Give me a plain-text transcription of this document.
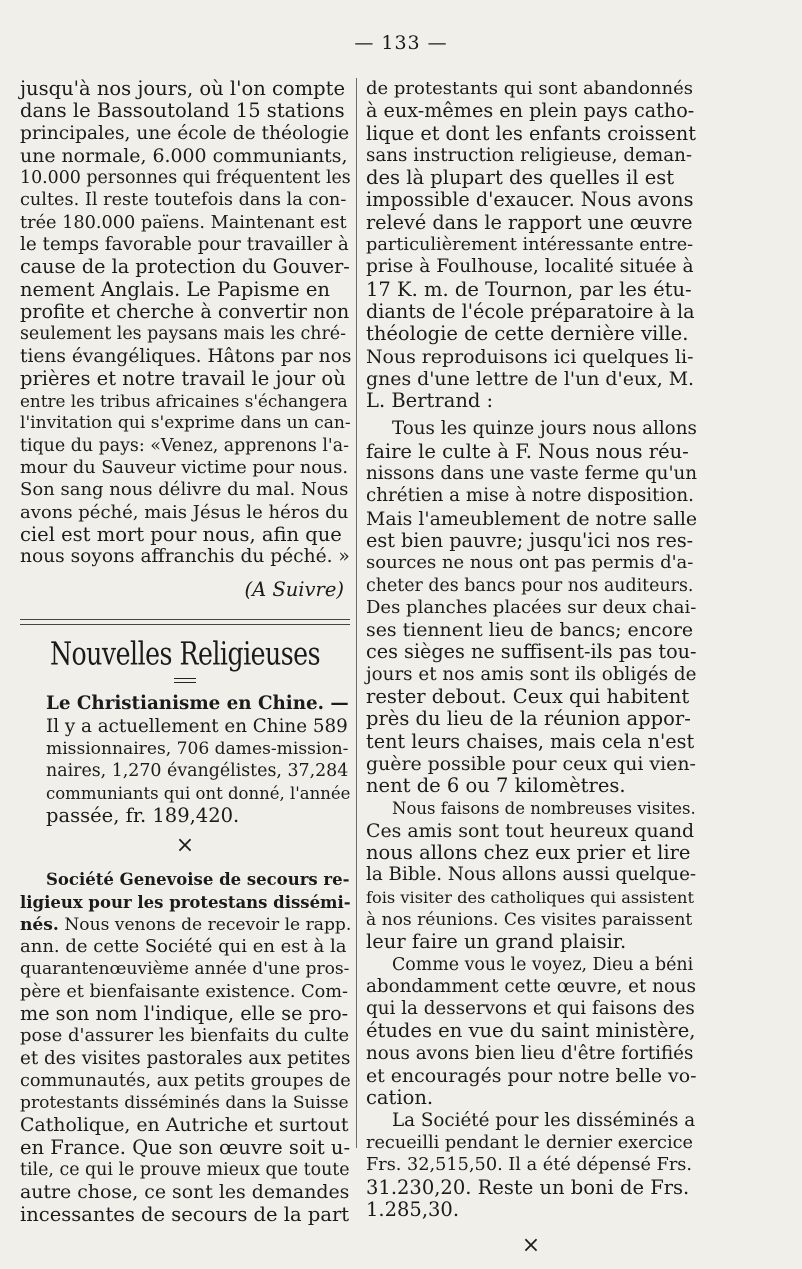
— 133 —

jusqu'à nos jours, où l'on compte
dans le Bassoutoland 15 stations
principales, une école de théologie
une normale, 6.000 communiants,
10.000 personnes qui fréquentent les
cultes. Il reste toutefois dans la con-
trée 180.000 païens. Maintenant est
le temps favorable pour travailler à
cause de la protection du Gouver-
nement Anglais. Le Papisme en
profite et cherche à convertir non
seulement les paysans mais les chré-
tiens évangéliques. Hâtons par nos
prières et notre travail le jour où
entre les tribus africaines s'échangera
l'invitation qui s'exprime dans un can-
tique du pays: «Venez, apprenons l'a-
mour du Sauveur victime pour nous.
Son sang nous délivre du mal. Nous
avons péché, mais Jésus le héros du
ciel est mort pour nous, afin que
nous soyons affranchis du péché. »

(A Suivre)
Nouvelles Religieuses

Le Christianisme en Chine. —
Il y a actuellement en Chine 589
missionnaires, 706 dames-mission-
naires, 1,270 évangélistes, 37,284
communiants qui ont donné, l'année
passée, fr. 189,420.

×

Société Genevoise de secours re-
ligieux pour les protestans dissémi-
nés. Nous venons de recevoir le rapp.
ann. de cette Société qui en est à la
quarantenœuvième année d'une pros-
père et bienfaisante existence. Com-
me son nom l'indique, elle se pro-
pose d'assurer les bienfaits du culte
et des visites pastorales aux petites
communautés, aux petits groupes de
protestants disséminés dans la Suisse
Catholique, en Autriche et surtout
en France. Que son œuvre soit u-
tile, ce qui le prouve mieux que toute
autre chose, ce sont les demandes
incessantes de secours de la part

de protestants qui sont abandonnés
à eux-mêmes en plein pays catho-
lique et dont les enfants croissent
sans instruction religieuse, deman-
des là plupart des quelles il est
impossible d'exaucer. Nous avons
relevé dans le rapport une œuvre
particulièrement intéressante entre-
prise à Foulhouse, localité située à
17 K. m. de Tournon, par les étu-
diants de l'école préparatoire à la
théologie de cette dernière ville.
Nous reproduisons ici quelques li-
gnes d'une lettre de l'un d'eux, M.
L. Bertrand :

Tous les quinze jours nous allons
faire le culte à F. Nous nous réu-
nissons dans une vaste ferme qu'un
chrétien a mise à notre disposition.
Mais l'ameublement de notre salle
est bien pauvre; jusqu'ici nos res-
sources ne nous ont pas permis d'a-
cheter des bancs pour nos auditeurs.
Des planches placées sur deux chai-
ses tiennent lieu de bancs; encore
ces sièges ne suffisent-ils pas tou-
jours et nos amis sont ils obligés de
rester debout. Ceux qui habitent
près du lieu de la réunion appor-
tent leurs chaises, mais cela n'est
guère possible pour ceux qui vien-
nent de 6 ou 7 kilomètres.

Nous faisons de nombreuses visites.
Ces amis sont tout heureux quand
nous allons chez eux prier et lire
la Bible. Nous allons aussi quelque-
fois visiter des catholiques qui assistent
à nos réunions. Ces visites paraissent
leur faire un grand plaisir.

Comme vous le voyez, Dieu a béni
abondamment cette œuvre, et nous
qui la desservons et qui faisons des
études en vue du saint ministère,
nous avons bien lieu d'être fortifiés
et encouragés pour notre belle vo-
cation.

La Société pour les disséminés a
recueilli pendant le dernier exercice
Frs. 32,515,50. Il a été dépensé Frs.
31.230,20. Reste un boni de Frs.
1.285,30.

×
